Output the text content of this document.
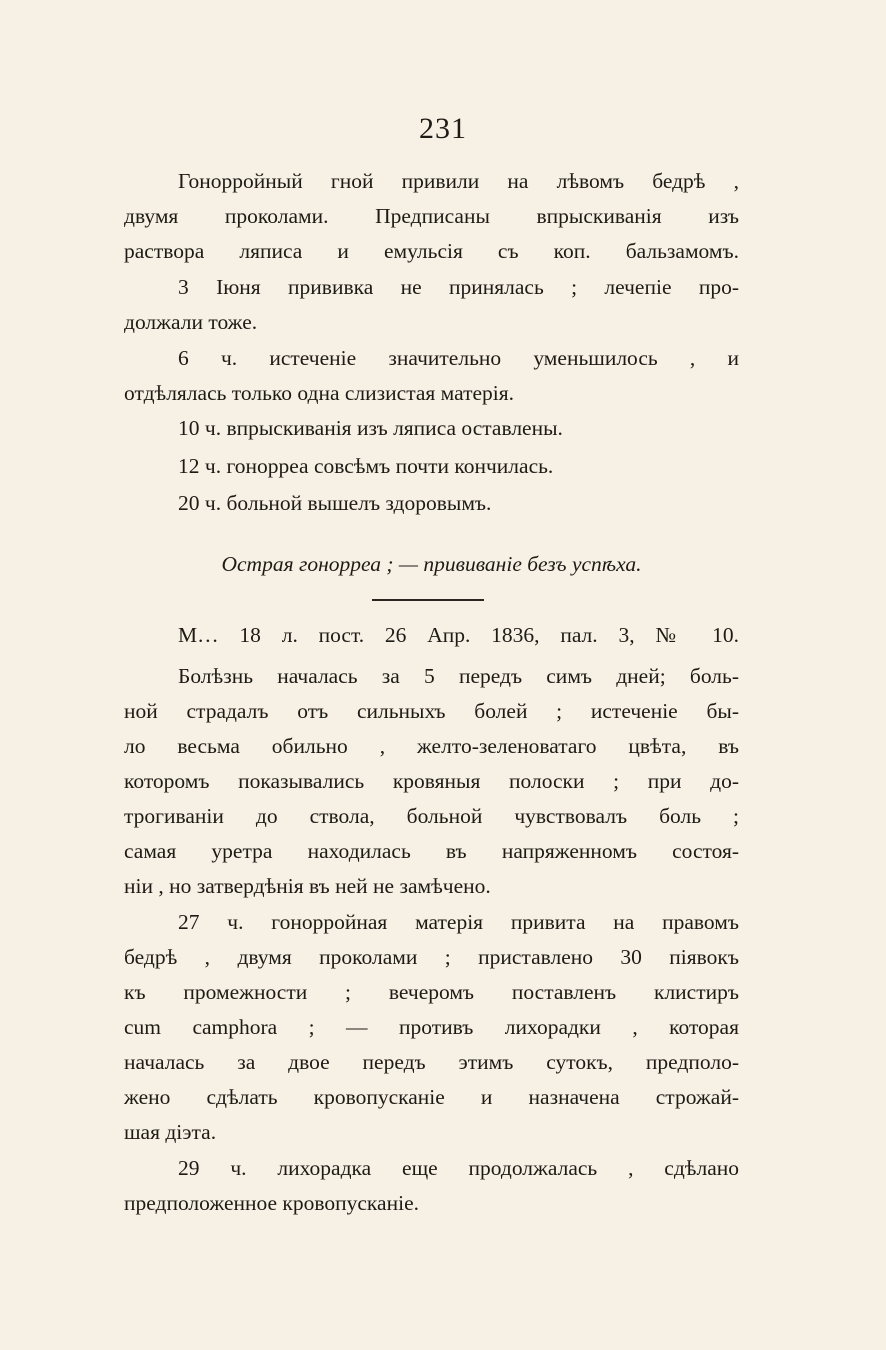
231
Гонорройный гной привили на лѣвомъ бедрѣ ,
двумя проколами. Предписаны впрыскиванія изъ
раствора ляписа и емульсія съ коп. бальзамомъ.
3 Іюня прививка не принялась ; лечепіе про-
должали тоже.
6 ч. истеченіе значительно уменьшилось , и
отдѣлялась только одна слизистая матерія.
10 ч. впрыскиванія изъ ляписа оставлены.
12 ч. гонорреа совсѣмъ почти кончилась.
20 ч. больной вышелъ здоровымъ.
Острая гонорреа ; — прививаніе безъ успѣха.
M… 18 л. пост. 26 Апр. 1836, пал. 3, № 10.
Болѣзнь началась за 5 передъ симъ дней; боль-
ной страдалъ отъ сильныхъ болей ; истеченіе бы-
ло весьма обильно , желто-зеленоватаго цвѣта, въ
которомъ показывались кровяныя полоски ; при до-
трогиваніи до ствола, больной чувствовалъ боль ;
самая уретра находилась въ напряженномъ состоя-
ніи , но затвердѣнія въ ней не замѣчено.
27 ч. гонорройная матерія привита на правомъ
бедрѣ , двумя проколами ; приставлено 30 піявокъ
къ промежности ; вечеромъ поставленъ клистиръ
cum camphora ; — противъ лихорадки , которая
началась за двое передъ этимъ сутокъ, предполо-
жено сдѣлать кровопусканіе и назначена строжай-
шая діэта.
29 ч. лихорадка еще продолжалась , сдѣлано
предположенное кровопусканіе.
